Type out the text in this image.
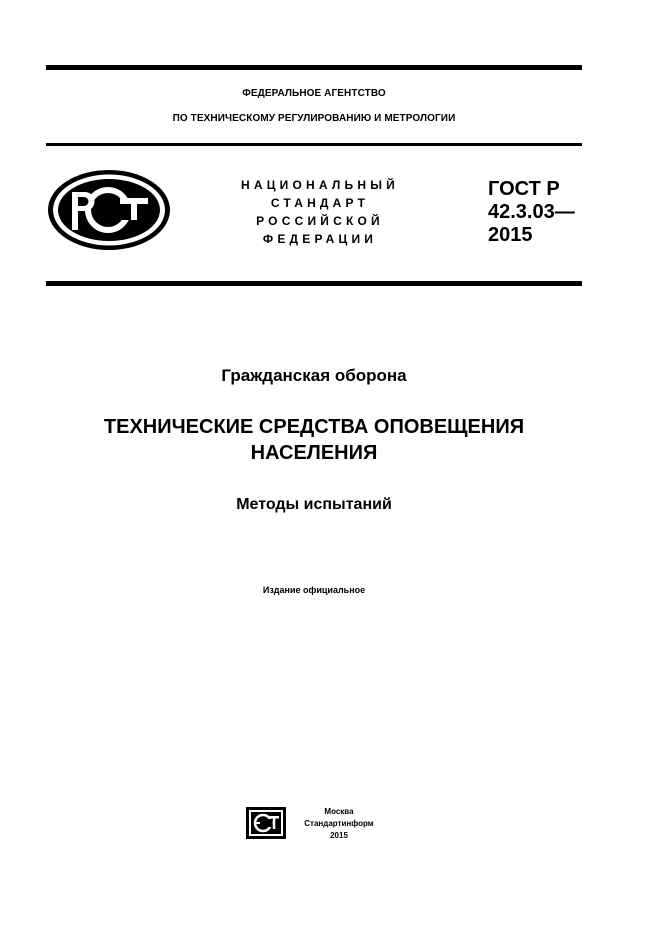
ФЕДЕРАЛЬНОЕ АГЕНТСТВО
ПО ТЕХНИЧЕСКОМУ РЕГУЛИРОВАНИЮ И МЕТРОЛОГИИ
НАЦИОНАЛЬНЫЙ
СТАНДАРТ
РОССИЙСКОЙ
ФЕДЕРАЦИИ
ГОСТ Р
42.3.03—
2015
Гражданская оборона
ТЕХНИЧЕСКИЕ СРЕДСТВА ОПОВЕЩЕНИЯ
НАСЕЛЕНИЯ
Методы испытаний
Издание официальное
Москва
Стандартинформ
2015
